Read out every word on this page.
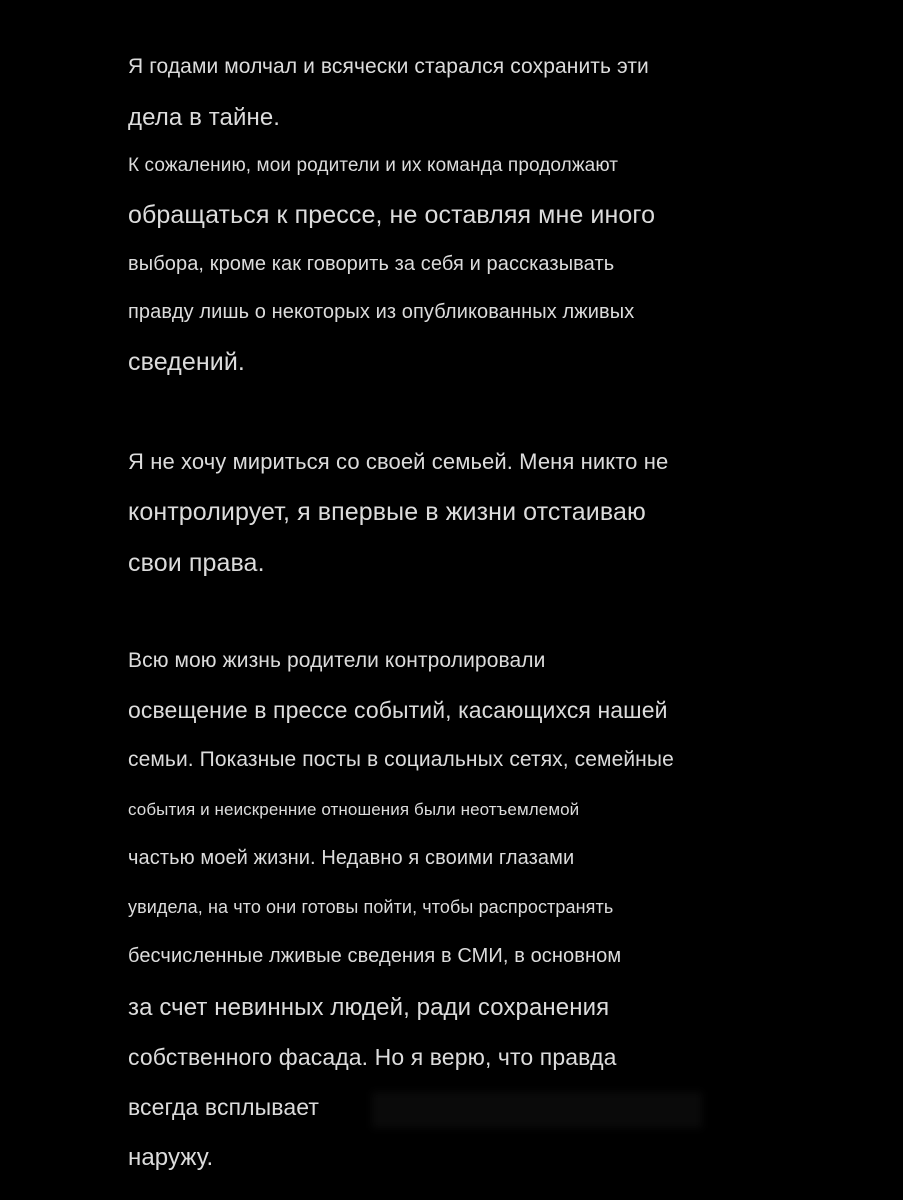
Я годами молчал и всячески старался сохранить эти
дела в тайне.
К сожалению, мои родители и их команда продолжают
обращаться к прессе, не оставляя мне иного
выбора, кроме как говорить за себя и рассказывать
правду лишь о некоторых из опубликованных лживых
сведений.
Я не хочу мириться со своей семьей. Меня никто не
контролирует, я впервые в жизни отстаиваю
свои права.
Всю мою жизнь родители контролировали
освещение в прессе событий, касающихся нашей
семьи. Показные посты в социальных сетях, семейные
события и неискренние отношения были неотъемлемой
частью моей жизни. Недавно я своими глазами
увидела, на что они готовы пойти, чтобы распространять
бесчисленные лживые сведения в СМИ, в основном
за счет невинных людей, ради сохранения
собственного фасада. Но я верю, что правда
всегда всплывает
наружу.
